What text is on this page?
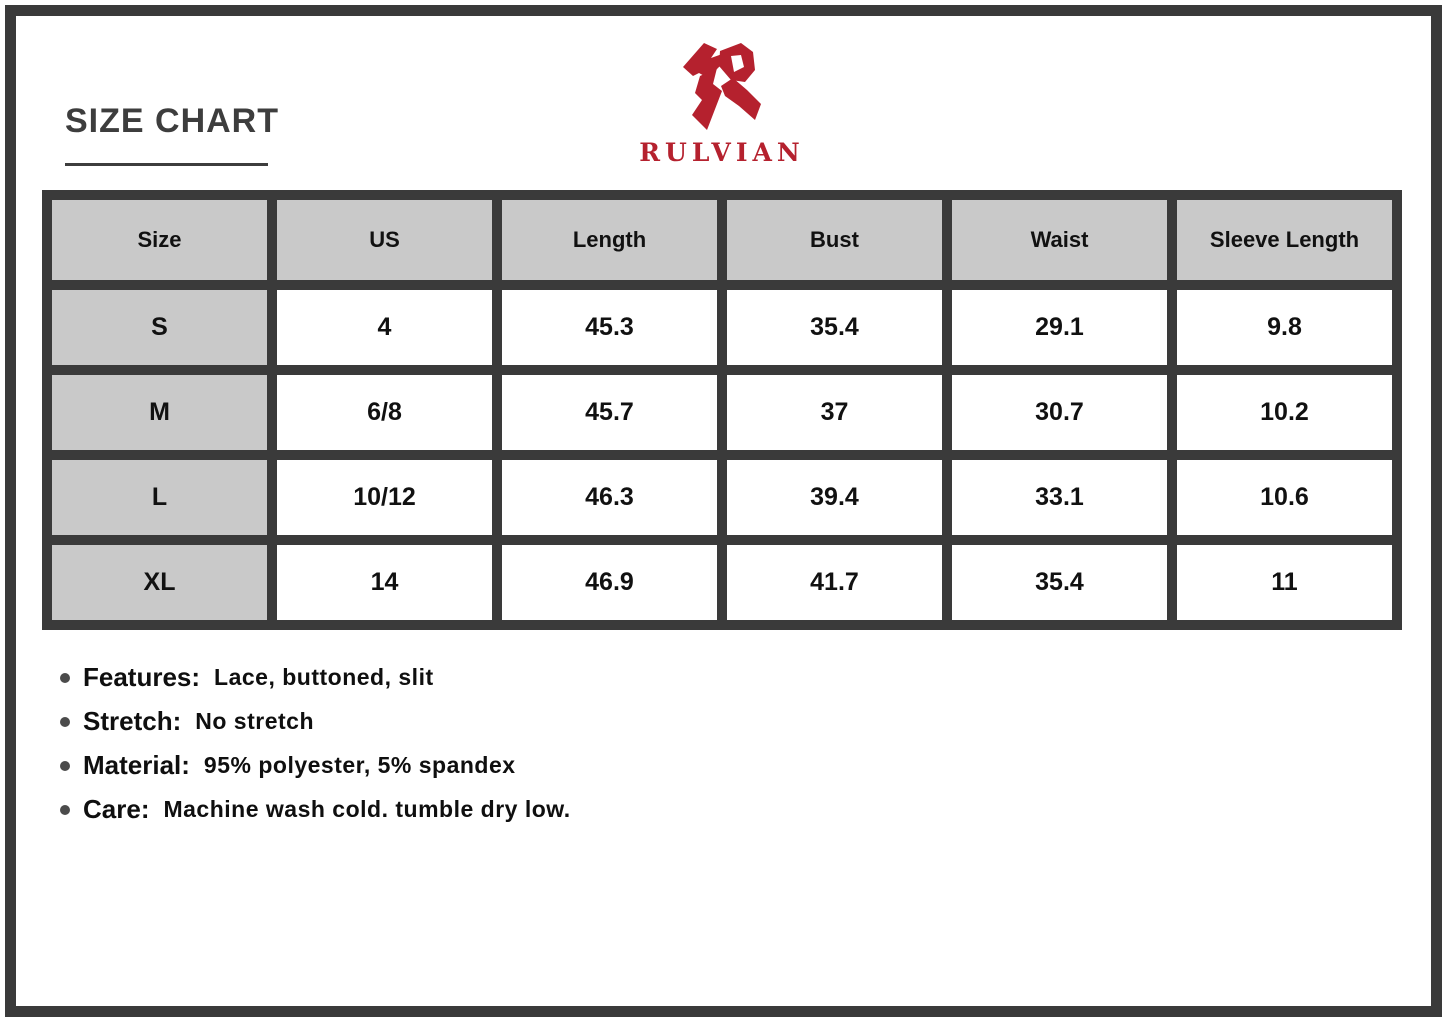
SIZE CHART
RULVIAN
Size	US	Length	Bust	Waist	Sleeve Length
S	4	45.3	35.4	29.1	9.8
M	6/8	45.7	37	30.7	10.2
L	10/12	46.3	39.4	33.1	10.6
XL	14	46.9	41.7	35.4	11
Features: Lace, buttoned, slit
Stretch: No stretch
Material: 95% polyester, 5% spandex
Care: Machine wash cold. tumble dry low.
